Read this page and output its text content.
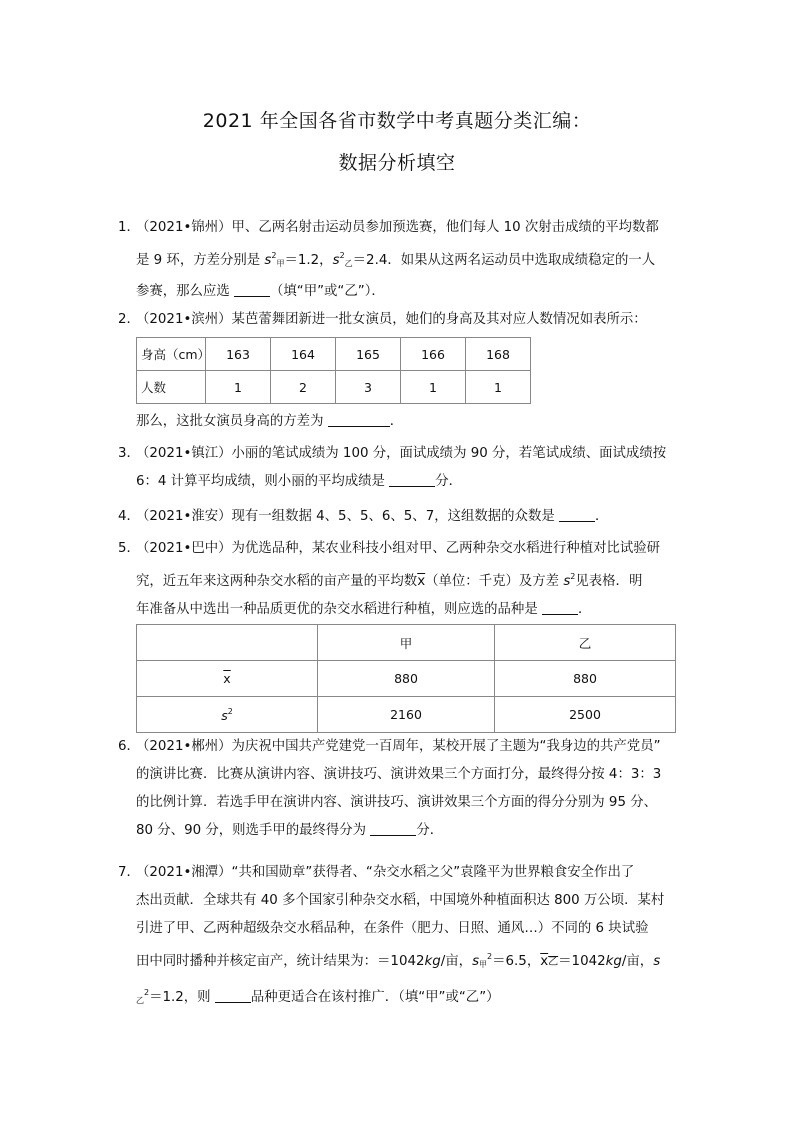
2021 年全国各省市数学中考真题分类汇编：
数据分析填空
1．（2021•锦州）甲、乙两名射击运动员参加预选赛，他们每人 10 次射击成绩的平均数都
是 9 环，方差分别是 $s^2_甲=1.2$，$s^2_乙=2.4$．如果从这两名运动员中选取成绩稳定的一人
参赛，那么应选	（填“甲”或“乙”）．
2．（2021•滨州）某芭蕾舞团新进一批女演员，她们的身高及其对应人数情况如表所示：
身高（cm）	163	164	165	166	168
人数	1	2	3	1	1
那么，这批女演员身高的方差为	．
3．（2021•镇江）小丽的笔试成绩为 100 分，面试成绩为 90 分，若笔试成绩、面试成绩按
6：4 计算平均成绩，则小丽的平均成绩是	分．
4．（2021•淮安）现有一组数据 4、5、5、6、5、7，这组数据的众数是	．
5．（2021•巴中）为优选品种，某农业科技小组对甲、乙两种杂交水稻进行种植对比试验研
究，近五年来这两种杂交水稻的亩产量的平均数$\overline{x}$（单位：千克）及方差 $s^2$见表格．明
年准备从中选出一种品质更优的杂交水稻进行种植，则应选的品种是	．
	甲	乙
$\overline{x}$	880	880
$s^2$	2160	2500
6．（2021•郴州）为庆祝中国共产党建党一百周年，某校开展了主题为“我身边的共产党员”
的演讲比赛．比赛从演讲内容、演讲技巧、演讲效果三个方面打分，最终得分按 4：3：3
的比例计算．若选手甲在演讲内容、演讲技巧、演讲效果三个方面的得分分别为 95 分、
80 分、90 分，则选手甲的最终得分为	分．
7．（2021•湘潭）“共和国勋章”获得者、“杂交水稻之父”袁隆平为世界粮食安全作出了
杰出贡献．全球共有 40 多个国家引种杂交水稻，中国境外种植面积达 800 万公顷．某村
引进了甲、乙两种超级杂交水稻品种，在条件（肥力、日照、通风…）不同的 6 块试验
田中同时播种并核定亩产，统计结果为：＝1042kg/亩，$s_甲^2=6.5$，$\overline{x}$乙＝1042kg/亩，s
$_乙^2$＝1.2，则	品种更适合在该村推广．（填“甲”或“乙”）
